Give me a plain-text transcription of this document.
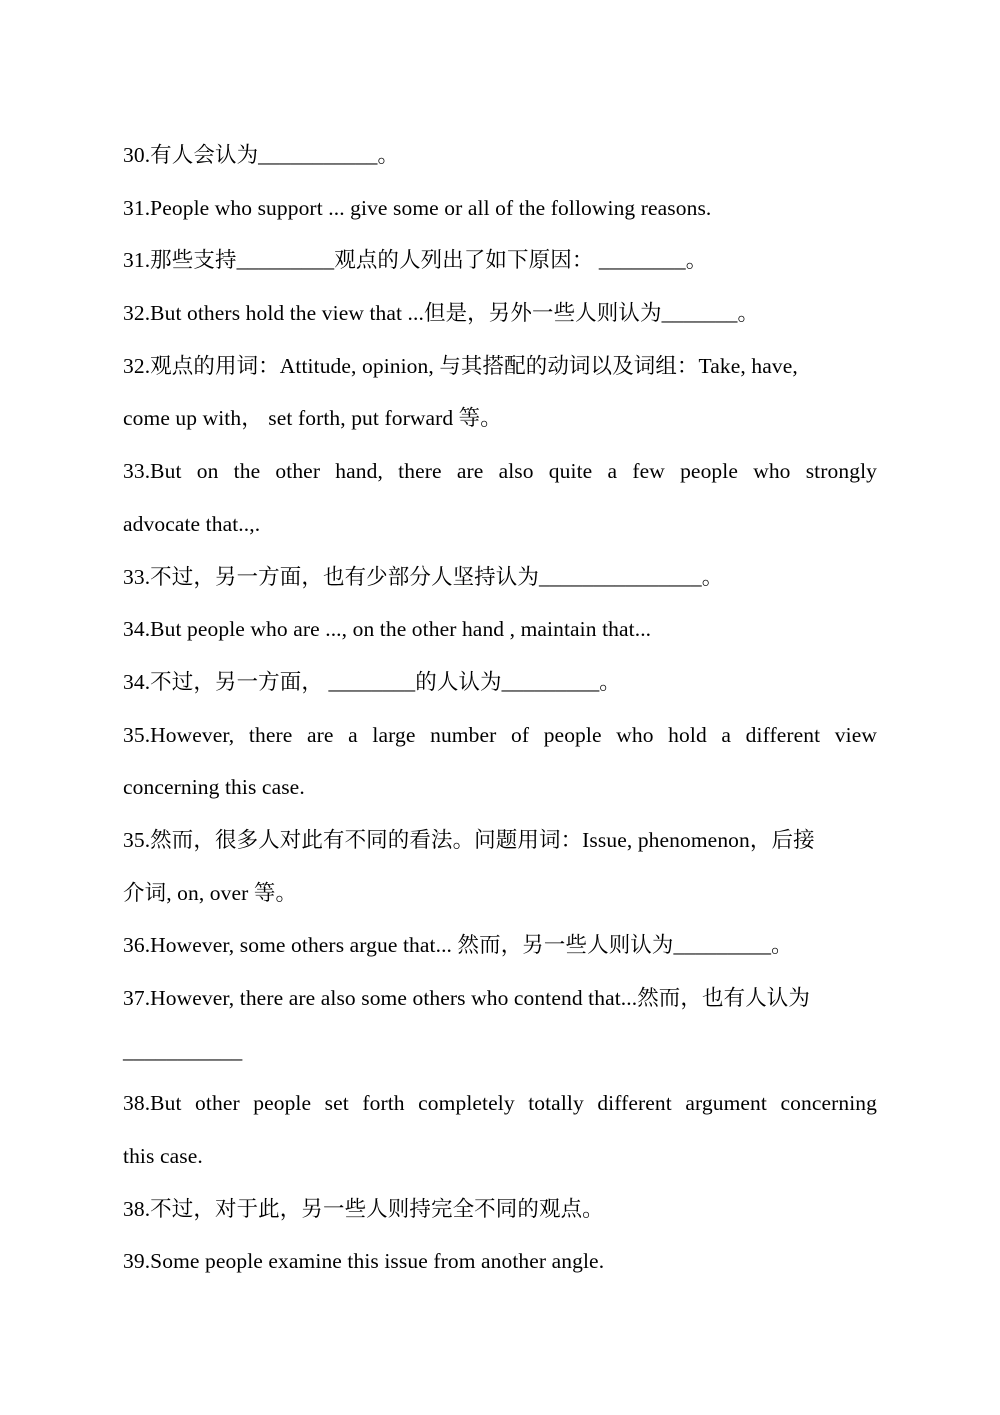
30.有人会认为___________。
31.People who support ... give some or all of the following reasons.
31.那些支持_________观点的人列出了如下原因： ________。
32.But others hold the view that ...但是，另外一些人则认为_______。
32.观点的用词：Attitude, opinion, 与其搭配的动词以及词组：Take, have,
come up with， set forth, put forward 等。
33.But on the other hand, there are also quite a few people who strongly
advocate that..,.
33.不过，另一方面，也有少部分人坚持认为_______________。
34.But people who are ..., on the other hand , maintain that...
34.不过，另一方面， ________的人认为_________。
35.However, there are a large number of people who hold a different view
concerning this case.
35.然而，很多人对此有不同的看法。问题用词：Issue, phenomenon，后接
介词, on, over 等。
36.However, some others argue that... 然而，另一些人则认为_________。
37.However, there are also some others who contend that...然而，也有人认为
___________
38.But other people set forth completely totally different argument concerning
this case.
38.不过，对于此，另一些人则持完全不同的观点。
39.Some people examine this issue from another angle.
